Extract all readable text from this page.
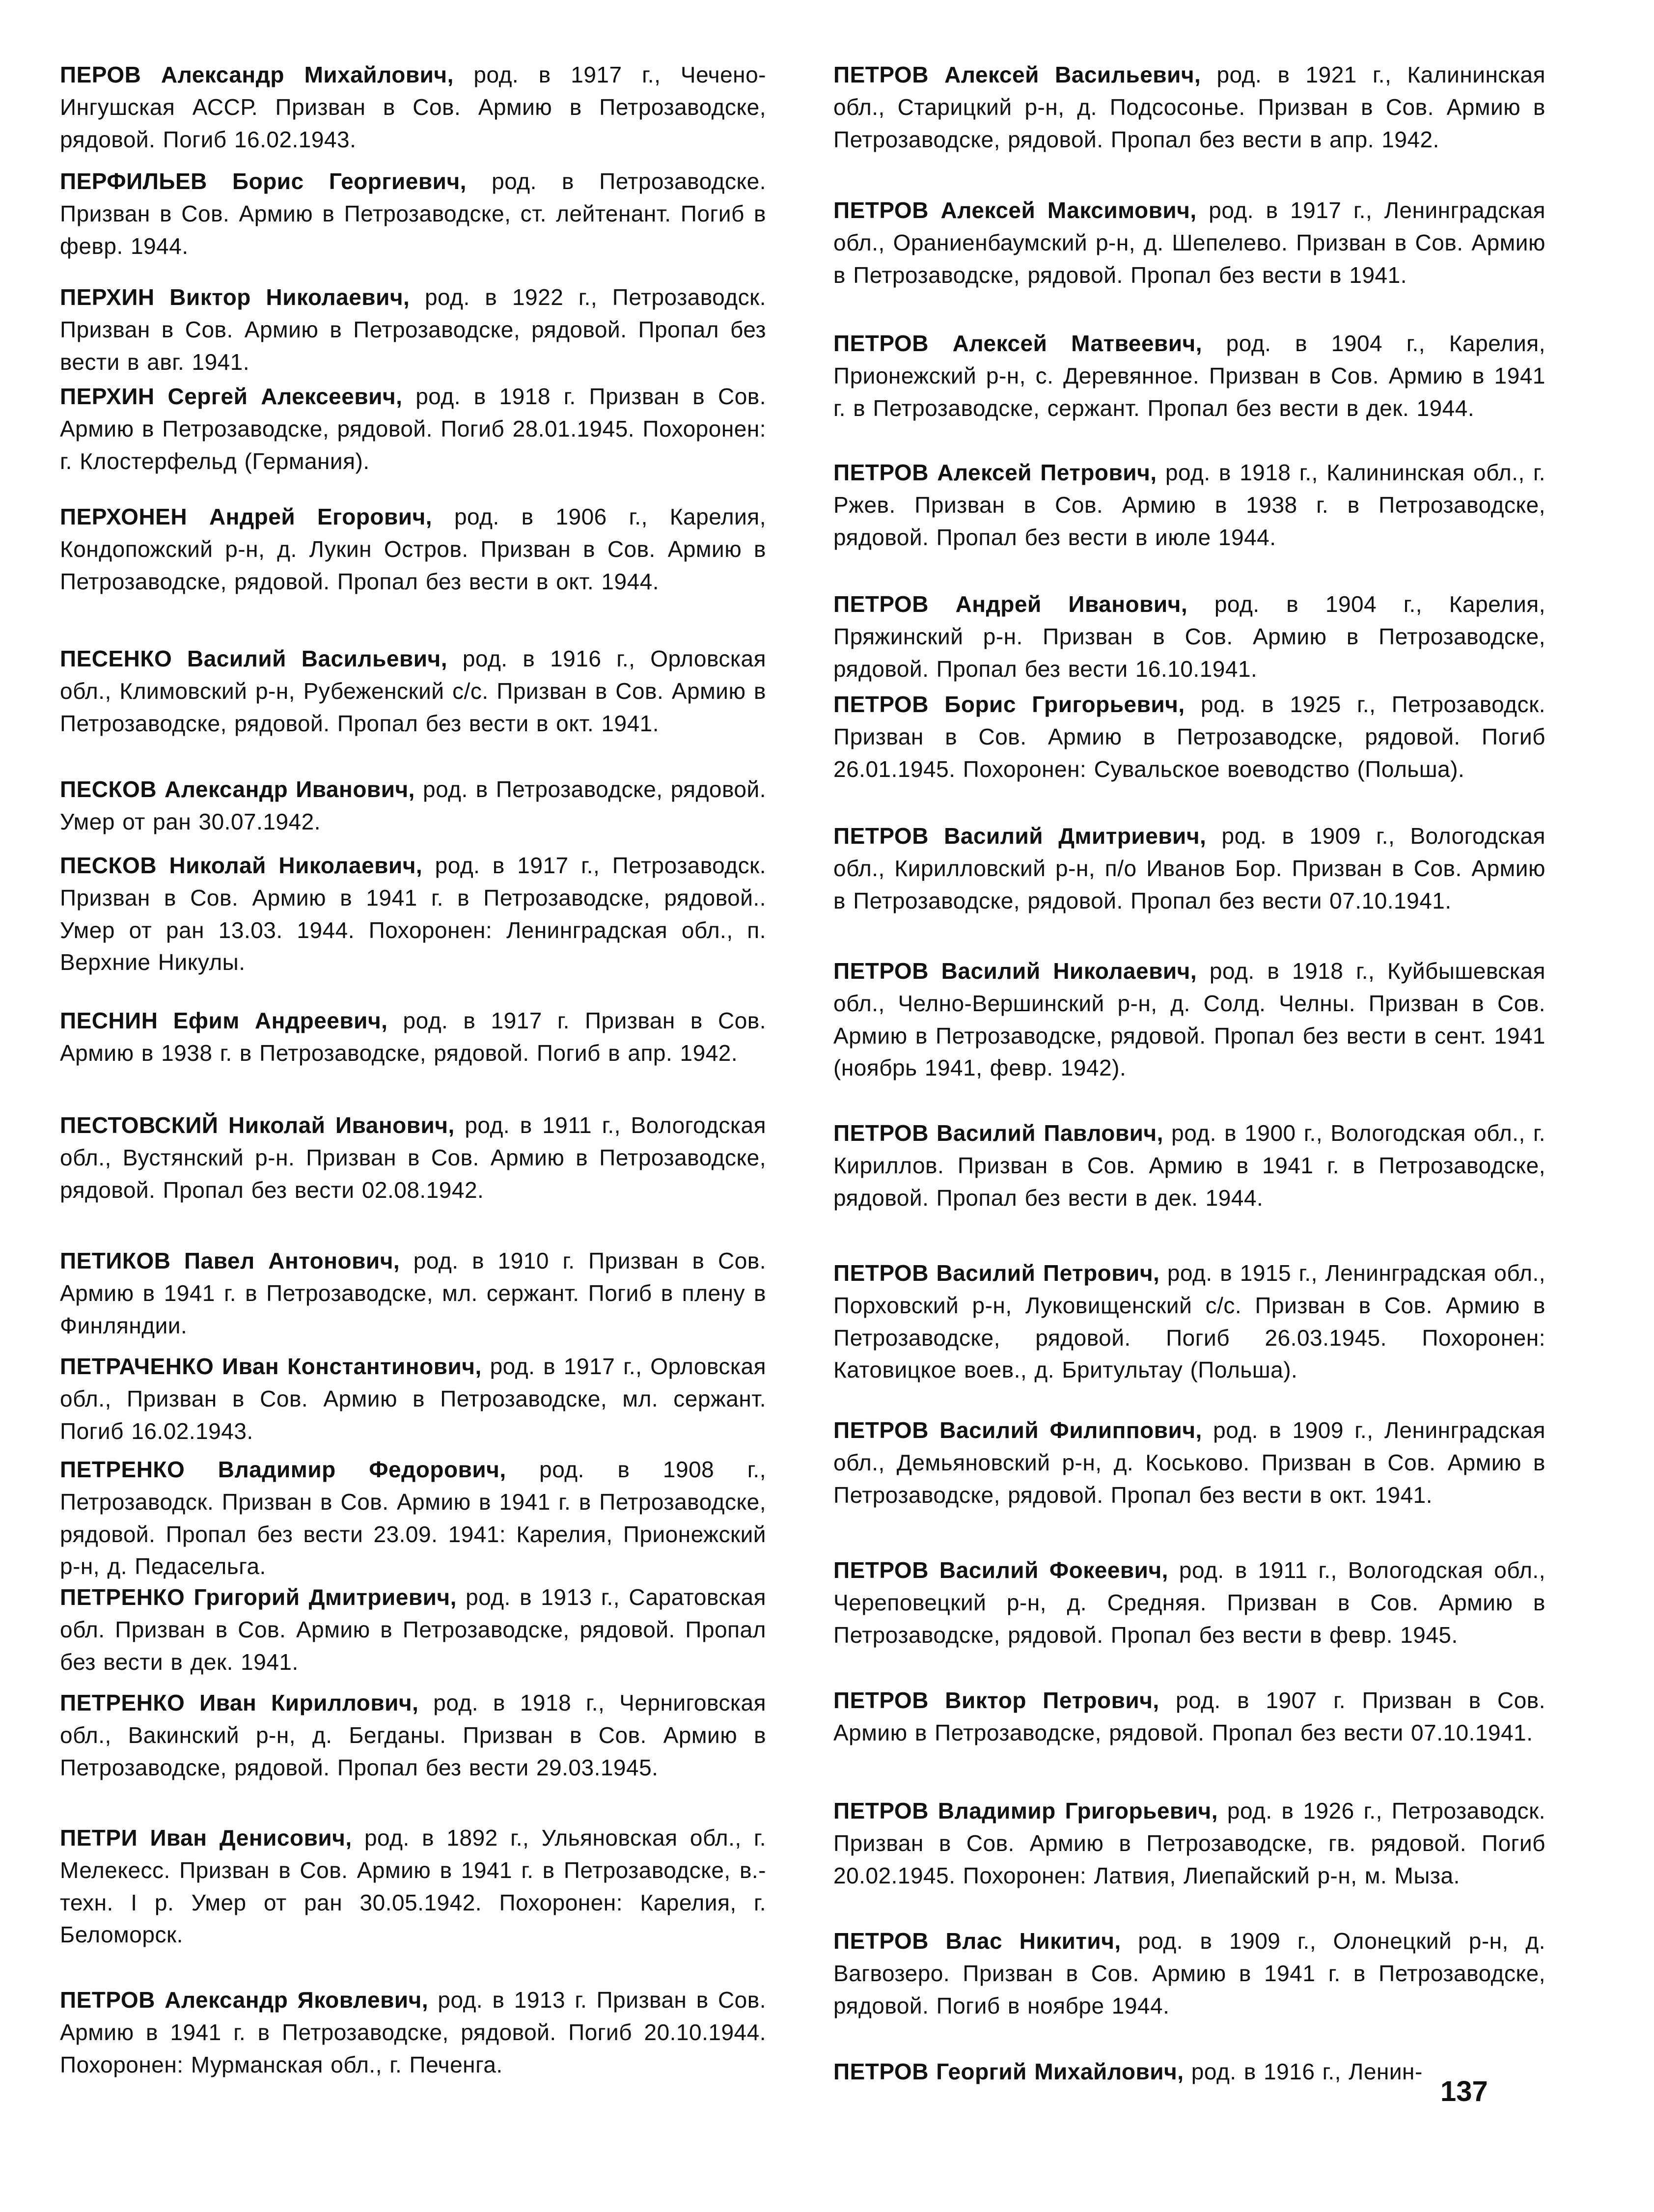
ПЕРОВ Александр Михайлович, род. в 1917 г., Чечено-Ингушская АССР. Призван в Сов. Армию в Петрозаводске, рядовой. Погиб 16.02.1943.

ПЕРФИЛЬЕВ Борис Георгиевич, род. в Петрозаводске. Призван в Сов. Армию в Петрозаводске, ст. лейтенант. Погиб в февр. 1944.

ПЕРХИН Виктор Николаевич, род. в 1922 г., Петрозаводск. Призван в Сов. Армию в Петрозаводске, рядовой. Пропал без вести в авг. 1941.

ПЕРХИН Сергей Алексеевич, род. в 1918 г. Призван в Сов. Армию в Петрозаводске, рядовой. Погиб 28.01.1945. Похоронен: г. Клостерфельд (Германия).

ПЕРХОНЕН Андрей Егорович, род. в 1906 г., Карелия, Кондопожский р-н, д. Лукин Остров. Призван в Сов. Армию в Петрозаводске, рядовой. Пропал без вести в окт. 1944.

ПЕСЕНКО Василий Васильевич, род. в 1916 г., Орловская обл., Климовский р-н, Рубеженский с/с. Призван в Сов. Армию в Петрозаводске, рядовой. Пропал без вести в окт. 1941.

ПЕСКОВ Александр Иванович, род. в Петрозаводске, рядовой. Умер от ран 30.07.1942.

ПЕСКОВ Николай Николаевич, род. в 1917 г., Петрозаводск. Призван в Сов. Армию в 1941 г. в Петрозаводске, рядовой.. Умер от ран 13.03. 1944. Похоронен: Ленинградская обл., п. Верхние Никулы.

ПЕСНИН Ефим Андреевич, род. в 1917 г. Призван в Сов. Армию в 1938 г. в Петрозаводске, рядовой. Погиб в апр. 1942.

ПЕСТОВСКИЙ Николай Иванович, род. в 1911 г., Вологодская обл., Вустянский р-н. Призван в Сов. Армию в Петрозаводске, рядовой. Пропал без вести 02.08.1942.

ПЕТИКОВ Павел Антонович, род. в 1910 г. Призван в Сов. Армию в 1941 г. в Петрозаводске, мл. сержант. Погиб в плену в Финляндии.

ПЕТРАЧЕНКО Иван Константинович, род. в 1917 г., Орловская обл., Призван в Сов. Армию в Петрозаводске, мл. сержант. Погиб 16.02.1943.

ПЕТРЕНКО Владимир Федорович, род. в 1908 г., Петрозаводск. Призван в Сов. Армию в 1941 г. в Петрозаводске, рядовой. Пропал без вести 23.09. 1941: Карелия, Прионежский р-н, д. Педасельга.

ПЕТРЕНКО Григорий Дмитриевич, род. в 1913 г., Саратовская обл. Призван в Сов. Армию в Петрозаводске, рядовой. Пропал без вести в дек. 1941.

ПЕТРЕНКО Иван Кириллович, род. в 1918 г., Черниговская обл., Вакинский р-н, д. Бегданы. Призван в Сов. Армию в Петрозаводске, рядовой. Пропал без вести 29.03.1945.

ПЕТРИ Иван Денисович, род. в 1892 г., Ульяновская обл., г. Мелекесс. Призван в Сов. Армию в 1941 г. в Петрозаводске, в.-техн. I р. Умер от ран 30.05.1942. Похоронен: Карелия, г. Беломорск.

ПЕТРОВ Александр Яковлевич, род. в 1913 г. Призван в Сов. Армию в 1941 г. в Петрозаводске, рядовой. Погиб 20.10.1944. Похоронен: Мурманская обл., г. Печенга.

ПЕТРОВ Алексей Васильевич, род. в 1921 г., Калининская обл., Старицкий р-н, д. Подсосонье. Призван в Сов. Армию в Петрозаводске, рядовой. Пропал без вести в апр. 1942.

ПЕТРОВ Алексей Максимович, род. в 1917 г., Ленинградская обл., Ораниенбаумский р-н, д. Шепелево. Призван в Сов. Армию в Петрозаводске, рядовой. Пропал без вести в 1941.

ПЕТРОВ Алексей Матвеевич, род. в 1904 г., Карелия, Прионежский р-н, с. Деревянное. Призван в Сов. Армию в 1941 г. в Петрозаводске, сержант. Пропал без вести в дек. 1944.

ПЕТРОВ Алексей Петрович, род. в 1918 г., Калининская обл., г. Ржев. Призван в Сов. Армию в 1938 г. в Петрозаводске, рядовой. Пропал без вести в июле 1944.

ПЕТРОВ Андрей Иванович, род. в 1904 г., Карелия, Пряжинский р-н. Призван в Сов. Армию в Петрозаводске, рядовой. Пропал без вести 16.10.1941.

ПЕТРОВ Борис Григорьевич, род. в 1925 г., Петрозаводск. Призван в Сов. Армию в Петрозаводске, рядовой. Погиб 26.01.1945. Похоронен: Сувальское воеводство (Польша).

ПЕТРОВ Василий Дмитриевич, род. в 1909 г., Вологодская обл., Кирилловский р-н, п/о Иванов Бор. Призван в Сов. Армию в Петрозаводске, рядовой. Пропал без вести 07.10.1941.

ПЕТРОВ Василий Николаевич, род. в 1918 г., Куйбышевская обл., Челно-Вершинский р-н, д. Солд. Челны. Призван в Сов. Армию в Петрозаводске, рядовой. Пропал без вести в сент. 1941 (ноябрь 1941, февр. 1942).

ПЕТРОВ Василий Павлович, род. в 1900 г., Вологодская обл., г. Кириллов. Призван в Сов. Армию в 1941 г. в Петрозаводске, рядовой. Пропал без вести в дек. 1944.

ПЕТРОВ Василий Петрович, род. в 1915 г., Ленинградская обл., Порховский р-н, Луковищенский с/с. Призван в Сов. Армию в Петрозаводске, рядовой. Погиб 26.03.1945. Похоронен: Катовицкое воев., д. Бритультау (Польша).

ПЕТРОВ Василий Филиппович, род. в 1909 г., Ленинградская обл., Демьяновский р-н, д. Коськово. Призван в Сов. Армию в Петрозаводске, рядовой. Пропал без вести в окт. 1941.

ПЕТРОВ Василий Фокеевич, род. в 1911 г., Вологодская обл., Череповецкий р-н, д. Средняя. Призван в Сов. Армию в Петрозаводске, рядовой. Пропал без вести в февр. 1945.

ПЕТРОВ Виктор Петрович, род. в 1907 г. Призван в Сов. Армию в Петрозаводске, рядовой. Пропал без вести 07.10.1941.

ПЕТРОВ Владимир Григорьевич, род. в 1926 г., Петрозаводск. Призван в Сов. Армию в Петрозаводске, гв. рядовой. Погиб 20.02.1945. Похоронен: Латвия, Лиепайский р-н, м. Мыза.

ПЕТРОВ Влас Никитич, род. в 1909 г., Олонецкий р-н, д. Вагвозеро. Призван в Сов. Армию в 1941 г. в Петрозаводске, рядовой. Погиб в ноябре 1944.

ПЕТРОВ Георгий Михайлович, род. в 1916 г., Ленин-

137
